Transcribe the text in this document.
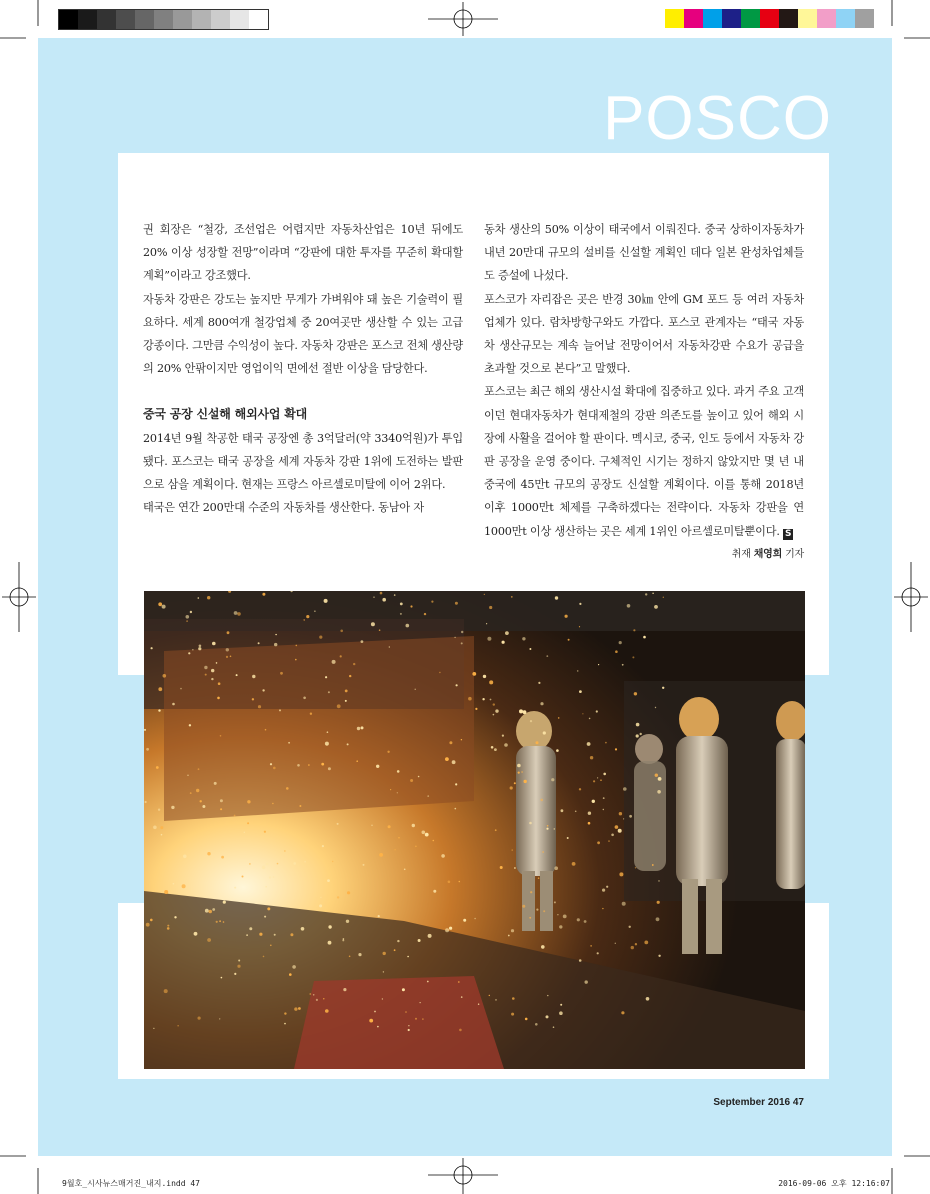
POSCO

권 회장은 “철강, 조선업은 어렵지만 자동차산업은 10년 뒤에도 20% 이상 성장할 전망”이라며 “강판에 대한 투자를 꾸준히 확대할 계획”이라고 강조했다.

자동차 강판은 강도는 높지만 무게가 가벼워야 돼 높은 기술력이 필요하다. 세계 800여개 철강업체 중 20여곳만 생산할 수 있는 고급 강종이다. 그만큼 수익성이 높다. 자동차 강판은 포스코 전체 생산량의 20% 안팎이지만 영업이익 면에선 절반 이상을 담당한다.

중국 공장 신설해 해외사업 확대

2014년 9월 착공한 태국 공장엔 총 3억달러(약 3340억원)가 투입됐다. 포스코는 태국 공장을 세계 자동차 강판 1위에 도전하는 발판으로 삼을 계획이다. 현재는 프랑스 아르셀로미탈에 이어 2위다.

태국은 연간 200만대 수준의 자동차를 생산한다. 동남아 자

동차 생산의 50% 이상이 태국에서 이뤄진다. 중국 상하이자동차가 내년 20만대 규모의 설비를 신설할 계획인 데다 일본 완성차업체들도 증설에 나섰다.

포스코가 자리잡은 곳은 반경 30㎞ 안에 GM 포드 등 여러 자동차업체가 있다. 람차방항구와도 가깝다. 포스코 관계자는 “태국 자동차 생산규모는 계속 늘어날 전망이어서 자동차강판 수요가 공급을 초과할 것으로 본다”고 말했다.

포스코는 최근 해외 생산시설 확대에 집중하고 있다. 과거 주요 고객이던 현대자동차가 현대제철의 강판 의존도를 높이고 있어 해외 시장에 사활을 걸어야 할 판이다. 멕시코, 중국, 인도 등에서 자동차 강판 공장을 운영 중이다. 구체적인 시기는 정하지 않았지만 몇 년 내 중국에 45만t 규모의 공장도 신설할 계획이다. 이를 통해 2018년 이후 1000만t 체제를 구축하겠다는 전략이다. 자동차 강판을 연 1000만t 이상 생산하는 곳은 세계 1위인 아르셀로미탈뿐이다. S
취재 채영희 기자

September 2016 47
9월호_시사뉴스매거진_내지.indd 47	2016-09-06 오후 12:16:07
